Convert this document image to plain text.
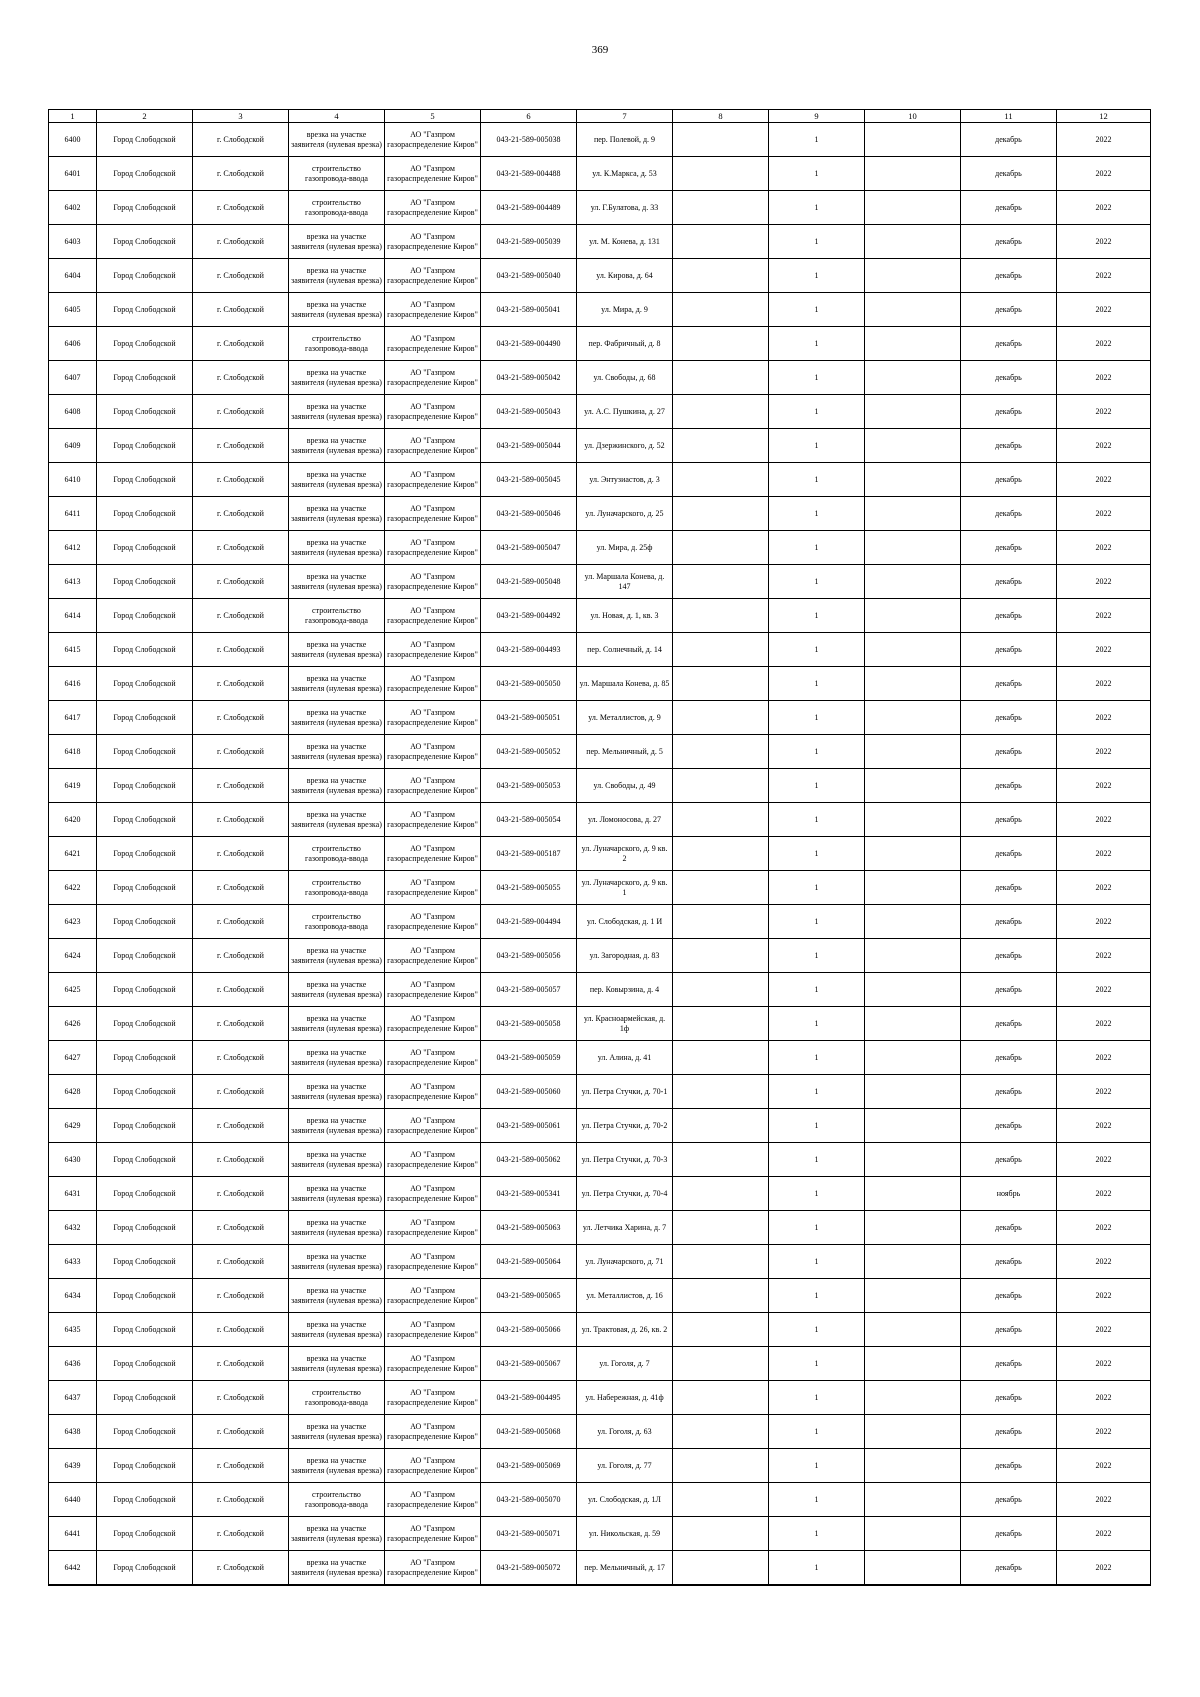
369
1	2	3	4	5	6	7	8	9	10	11	12
6400	Город Слободской	г. Слободской	врезка на участке заявителя (нулевая врезка)	АО "Газпром газораспределение Киров"	043-21-589-005038	пер. Полевой, д. 9		1		декабрь	2022
6401	Город Слободской	г. Слободской	строительство газопровода-ввода	АО "Газпром газораспределение Киров"	043-21-589-004488	ул. К.Маркса, д. 53		1		декабрь	2022
6402	Город Слободской	г. Слободской	строительство газопровода-ввода	АО "Газпром газораспределение Киров"	043-21-589-004489	ул. Г.Булатова, д. 33		1		декабрь	2022
6403	Город Слободской	г. Слободской	врезка на участке заявителя (нулевая врезка)	АО "Газпром газораспределение Киров"	043-21-589-005039	ул. М. Конева, д. 131		1		декабрь	2022
6404	Город Слободской	г. Слободской	врезка на участке заявителя (нулевая врезка)	АО "Газпром газораспределение Киров"	043-21-589-005040	ул. Кирова, д. 64		1		декабрь	2022
6405	Город Слободской	г. Слободской	врезка на участке заявителя (нулевая врезка)	АО "Газпром газораспределение Киров"	043-21-589-005041	ул. Мира, д. 9		1		декабрь	2022
6406	Город Слободской	г. Слободской	строительство газопровода-ввода	АО "Газпром газораспределение Киров"	043-21-589-004490	пер. Фабричный, д. 8		1		декабрь	2022
6407	Город Слободской	г. Слободской	врезка на участке заявителя (нулевая врезка)	АО "Газпром газораспределение Киров"	043-21-589-005042	ул. Свободы, д. 68		1		декабрь	2022
6408	Город Слободской	г. Слободской	врезка на участке заявителя (нулевая врезка)	АО "Газпром газораспределение Киров"	043-21-589-005043	ул. А.С. Пушкина, д. 27		1		декабрь	2022
6409	Город Слободской	г. Слободской	врезка на участке заявителя (нулевая врезка)	АО "Газпром газораспределение Киров"	043-21-589-005044	ул. Дзержинского, д. 52		1		декабрь	2022
6410	Город Слободской	г. Слободской	врезка на участке заявителя (нулевая врезка)	АО "Газпром газораспределение Киров"	043-21-589-005045	ул. Энтузиастов, д. 3		1		декабрь	2022
6411	Город Слободской	г. Слободской	врезка на участке заявителя (нулевая врезка)	АО "Газпром газораспределение Киров"	043-21-589-005046	ул. Луначарского, д. 25		1		декабрь	2022
6412	Город Слободской	г. Слободской	врезка на участке заявителя (нулевая врезка)	АО "Газпром газораспределение Киров"	043-21-589-005047	ул. Мира, д. 25ф		1		декабрь	2022
6413	Город Слободской	г. Слободской	врезка на участке заявителя (нулевая врезка)	АО "Газпром газораспределение Киров"	043-21-589-005048	ул. Маршала Конева, д. 147		1		декабрь	2022
6414	Город Слободской	г. Слободской	строительство газопровода-ввода	АО "Газпром газораспределение Киров"	043-21-589-004492	ул. Новая, д. 1, кв. 3		1		декабрь	2022
6415	Город Слободской	г. Слободской	врезка на участке заявителя (нулевая врезка)	АО "Газпром газораспределение Киров"	043-21-589-004493	пер. Солнечный, д. 14		1		декабрь	2022
6416	Город Слободской	г. Слободской	врезка на участке заявителя (нулевая врезка)	АО "Газпром газораспределение Киров"	043-21-589-005050	ул. Маршала Конева, д. 85		1		декабрь	2022
6417	Город Слободской	г. Слободской	врезка на участке заявителя (нулевая врезка)	АО "Газпром газораспределение Киров"	043-21-589-005051	ул. Металлистов, д. 9		1		декабрь	2022
6418	Город Слободской	г. Слободской	врезка на участке заявителя (нулевая врезка)	АО "Газпром газораспределение Киров"	043-21-589-005052	пер. Мельничный, д. 5		1		декабрь	2022
6419	Город Слободской	г. Слободской	врезка на участке заявителя (нулевая врезка)	АО "Газпром газораспределение Киров"	043-21-589-005053	ул. Свободы, д. 49		1		декабрь	2022
6420	Город Слободской	г. Слободской	врезка на участке заявителя (нулевая врезка)	АО "Газпром газораспределение Киров"	043-21-589-005054	ул. Ломоносова, д. 27		1		декабрь	2022
6421	Город Слободской	г. Слободской	строительство газопровода-ввода	АО "Газпром газораспределение Киров"	043-21-589-005187	ул. Луначарского, д. 9 кв. 2		1		декабрь	2022
6422	Город Слободской	г. Слободской	строительство газопровода-ввода	АО "Газпром газораспределение Киров"	043-21-589-005055	ул. Луначарского, д. 9 кв. 1		1		декабрь	2022
6423	Город Слободской	г. Слободской	строительство газопровода-ввода	АО "Газпром газораспределение Киров"	043-21-589-004494	ул. Слободская, д. 1 И		1		декабрь	2022
6424	Город Слободской	г. Слободской	врезка на участке заявителя (нулевая врезка)	АО "Газпром газораспределение Киров"	043-21-589-005056	ул. Загородная, д. 83		1		декабрь	2022
6425	Город Слободской	г. Слободской	врезка на участке заявителя (нулевая врезка)	АО "Газпром газораспределение Киров"	043-21-589-005057	пер. Ковырзина, д. 4		1		декабрь	2022
6426	Город Слободской	г. Слободской	врезка на участке заявителя (нулевая врезка)	АО "Газпром газораспределение Киров"	043-21-589-005058	ул. Красноармейская, д. 1ф		1		декабрь	2022
6427	Город Слободской	г. Слободской	врезка на участке заявителя (нулевая врезка)	АО "Газпром газораспределение Киров"	043-21-589-005059	ул. Алина, д. 41		1		декабрь	2022
6428	Город Слободской	г. Слободской	врезка на участке заявителя (нулевая врезка)	АО "Газпром газораспределение Киров"	043-21-589-005060	ул. Петра Стучки, д. 70-1		1		декабрь	2022
6429	Город Слободской	г. Слободской	врезка на участке заявителя (нулевая врезка)	АО "Газпром газораспределение Киров"	043-21-589-005061	ул. Петра Стучки, д. 70-2		1		декабрь	2022
6430	Город Слободской	г. Слободской	врезка на участке заявителя (нулевая врезка)	АО "Газпром газораспределение Киров"	043-21-589-005062	ул. Петра Стучки, д. 70-3		1		декабрь	2022
6431	Город Слободской	г. Слободской	врезка на участке заявителя (нулевая врезка)	АО "Газпром газораспределение Киров"	043-21-589-005341	ул. Петра Стучки, д. 70-4		1		ноябрь	2022
6432	Город Слободской	г. Слободской	врезка на участке заявителя (нулевая врезка)	АО "Газпром газораспределение Киров"	043-21-589-005063	ул. Летчика Харина, д. 7		1		декабрь	2022
6433	Город Слободской	г. Слободской	врезка на участке заявителя (нулевая врезка)	АО "Газпром газораспределение Киров"	043-21-589-005064	ул. Луначарского, д. 71		1		декабрь	2022
6434	Город Слободской	г. Слободской	врезка на участке заявителя (нулевая врезка)	АО "Газпром газораспределение Киров"	043-21-589-005065	ул. Металлистов, д. 16		1		декабрь	2022
6435	Город Слободской	г. Слободской	врезка на участке заявителя (нулевая врезка)	АО "Газпром газораспределение Киров"	043-21-589-005066	ул. Трактовая, д. 26, кв. 2		1		декабрь	2022
6436	Город Слободской	г. Слободской	врезка на участке заявителя (нулевая врезка)	АО "Газпром газораспределение Киров"	043-21-589-005067	ул. Гоголя, д. 7		1		декабрь	2022
6437	Город Слободской	г. Слободской	строительство газопровода-ввода	АО "Газпром газораспределение Киров"	043-21-589-004495	ул. Набережная, д. 41ф		1		декабрь	2022
6438	Город Слободской	г. Слободской	врезка на участке заявителя (нулевая врезка)	АО "Газпром газораспределение Киров"	043-21-589-005068	ул. Гоголя, д. 63		1		декабрь	2022
6439	Город Слободской	г. Слободской	врезка на участке заявителя (нулевая врезка)	АО "Газпром газораспределение Киров"	043-21-589-005069	ул. Гоголя, д. 77		1		декабрь	2022
6440	Город Слободской	г. Слободской	строительство газопровода-ввода	АО "Газпром газораспределение Киров"	043-21-589-005070	ул. Слободская, д. 1Л		1		декабрь	2022
6441	Город Слободской	г. Слободской	врезка на участке заявителя (нулевая врезка)	АО "Газпром газораспределение Киров"	043-21-589-005071	ул. Никольская, д. 59		1		декабрь	2022
6442	Город Слободской	г. Слободской	врезка на участке заявителя (нулевая врезка)	АО "Газпром газораспределение Киров"	043-21-589-005072	пер. Мельничный, д. 17		1		декабрь	2022
